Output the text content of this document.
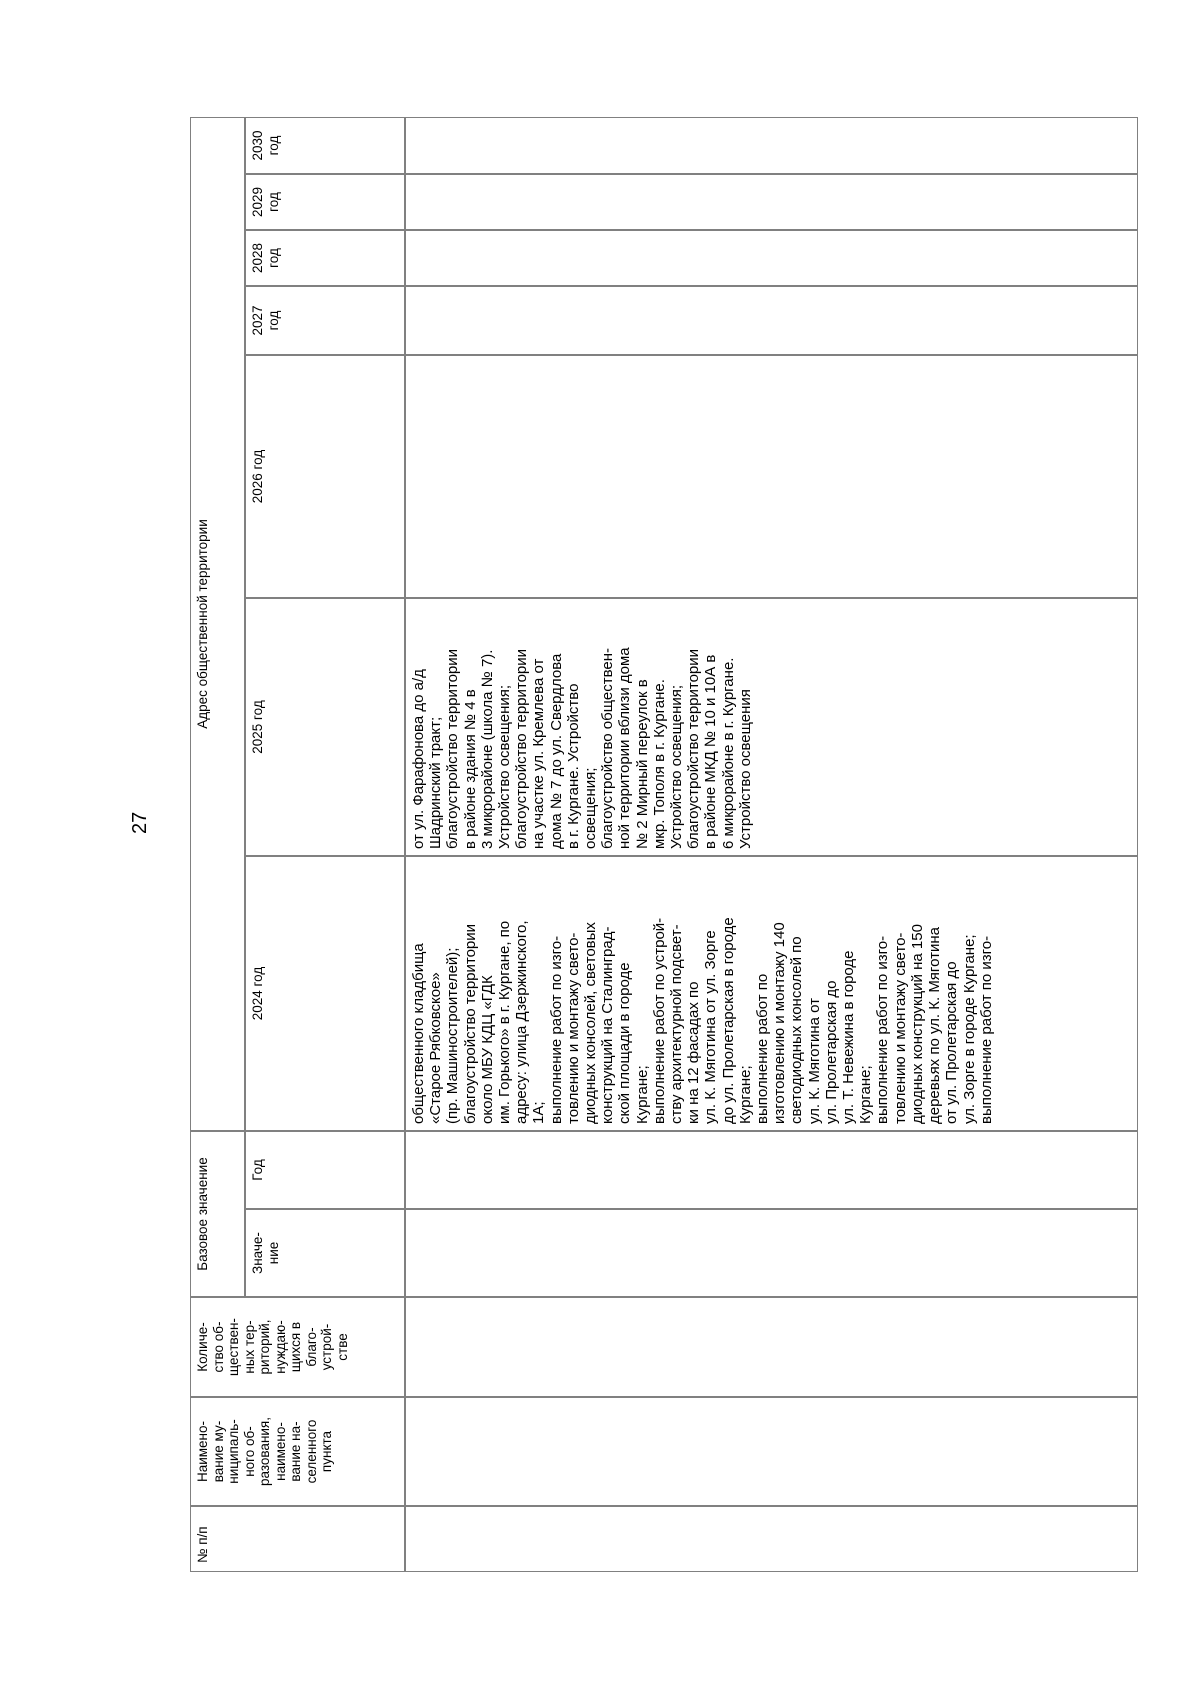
27
№ п/п
Наимено-
вание му-
ниципаль-
ного об-
разования,
наимено-
вание на-
селенного
пункта
Количе-
ство об-
ществен-
ных тер-
риторий,
нуждаю-
щихся в
благо-
устрой-
стве
Базовое значение	Значе-
ние
Год
Адрес общественной территории
2024 год
2025 год
2026 год
2027
год
2028
год
2029
год
2030
год
общественного кладбища «Старое Рябковское» (пр. Машиностроителей); благоустройство территории около МБУ КДЦ «ГДК им. Горького» в г. Кургане, по адресу: улица Дзержинского, 1А; выполнение работ по изго- товлению и монтажу свето- диодных консолей, световых конструкций на Сталинград- ской площади в городе Кургане; выполнение работ по устрой- ству архитектурной подсвет- ки на 12 фасадах по ул. К. Мяготина от ул. Зорге до ул. Пролетарская в городе Кургане; выполнение работ по изготовлению и монтажу 140 светодиодных консолей по ул. К. Мяготина от ул. Пролетарская до ул. Т. Невежина в городе Кургане; выполнение работ по изго- товлению и монтажу свето- диодных конструкций на 150 деревьях по ул. К. Мяготина от ул. Пролетарская до ул. Зорге в городе Кургане; выполнение работ по изго-
от ул. Фарафонова до а/д Шадринский тракт; благоустройство территории в районе здания № 4 в 3 микрорайоне (школа № 7). Устройство освещения; благоустройство территории на участке ул. Кремлева от дома № 7 до ул. Свердлова в г. Кургане. Устройство освещения; благоустройство обществен- ной территории вблизи дома № 2 Мирный переулок в мкр. Тополя в г. Кургане. Устройство освещения; благоустройство территории в районе МКД № 10 и 10А в 6 микрорайоне в г. Кургане. Устройство освещения
